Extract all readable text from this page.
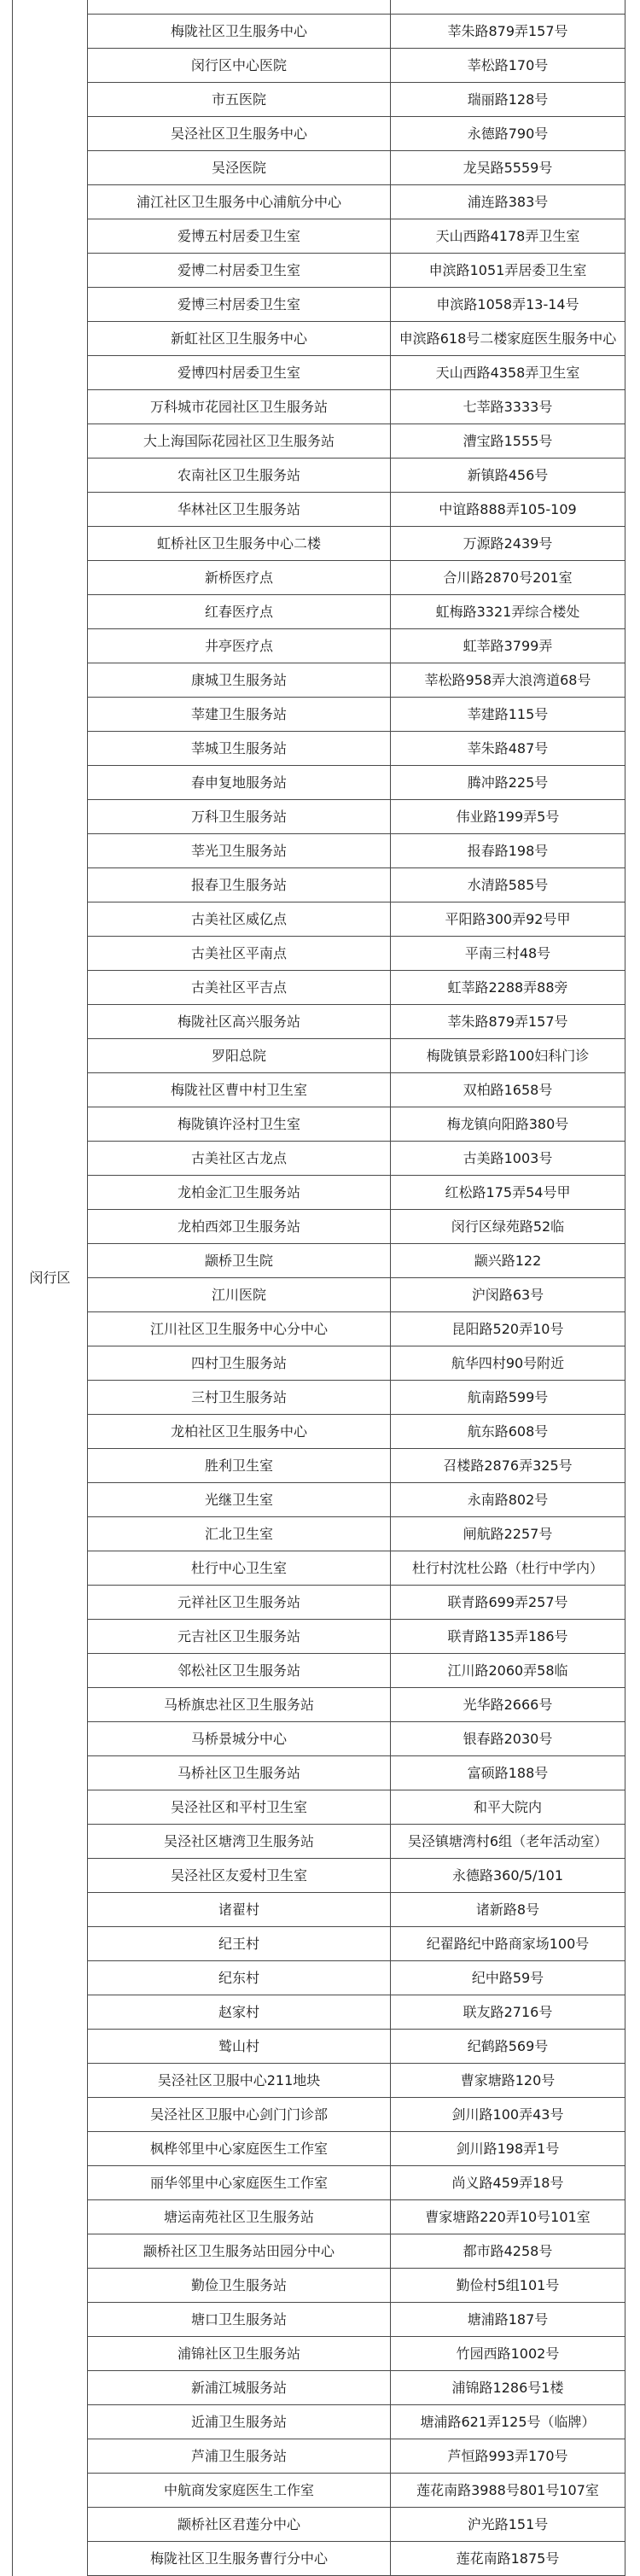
闵行区		
	梅陇社区卫生服务中心	莘朱路879弄157号
	闵行区中心医院	莘松路170号
	市五医院	瑞丽路128号
	吴泾社区卫生服务中心	永德路790号
	吴泾医院	龙吴路5559号
	浦江社区卫生服务中心浦航分中心	浦连路383号
	爱博五村居委卫生室	天山西路4178弄卫生室
	爱博二村居委卫生室	申滨路1051弄居委卫生室
	爱博三村居委卫生室	申滨路1058弄13-14号
	新虹社区卫生服务中心	申滨路618号二楼家庭医生服务中心
	爱博四村居委卫生室	天山西路4358弄卫生室
	万科城市花园社区卫生服务站	七莘路3333号
	大上海国际花园社区卫生服务站	漕宝路1555号
	农南社区卫生服务站	新镇路456号
	华林社区卫生服务站	中谊路888弄105-109
	虹桥社区卫生服务中心二楼	万源路2439号
	新桥医疗点	合川路2870号201室
	红春医疗点	虹梅路3321弄综合楼处
	井亭医疗点	虹莘路3799弄
	康城卫生服务站	莘松路958弄大浪湾道68号
	莘建卫生服务站	莘建路115号
	莘城卫生服务站	莘朱路487号
	春申复地服务站	腾冲路225号
	万科卫生服务站	伟业路199弄5号
	莘光卫生服务站	报春路198号
	报春卫生服务站	水清路585号
	古美社区威亿点	平阳路300弄92号甲
	古美社区平南点	平南三村48号
	古美社区平吉点	虹莘路2288弄88旁
	梅陇社区高兴服务站	莘朱路879弄157号
	罗阳总院	梅陇镇景彩路100妇科门诊
	梅陇社区曹中村卫生室	双柏路1658号
	梅陇镇许泾村卫生室	梅龙镇向阳路380号
	古美社区古龙点	古美路1003号
	龙柏金汇卫生服务站	红松路175弄54号甲
	龙柏西郊卫生服务站	闵行区绿苑路52临
	颛桥卫生院	颛兴路122
	江川医院	沪闵路63号
	江川社区卫生服务中心分中心	昆阳路520弄10号
	四村卫生服务站	航华四村90号附近
	三村卫生服务站	航南路599号
	龙柏社区卫生服务中心	航东路608号
	胜利卫生室	召楼路2876弄325号
	光继卫生室	永南路802号
	汇北卫生室	闸航路2257号
	杜行中心卫生室	杜行村沈杜公路（杜行中学内）
	元祥社区卫生服务站	联青路699弄257号
	元吉社区卫生服务站	联青路135弄186号
	邻松社区卫生服务站	江川路2060弄58临
	马桥旗忠社区卫生服务站	光华路2666号
	马桥景城分中心	银春路2030号
	马桥社区卫生服务站	富硕路188号
	吴泾社区和平村卫生室	和平大院内
	吴泾社区塘湾卫生服务站	吴泾镇塘湾村6组（老年活动室）
	吴泾社区友爱村卫生室	永德路360/5/101
	诸翟村	诸新路8号
	纪王村	纪翟路纪中路商家场100号
	纪东村	纪中路59号
	赵家村	联友路2716号
	鹫山村	纪鹤路569号
	吴泾社区卫服中心211地块	曹家塘路120号
	吴泾社区卫服中心剑门门诊部	剑川路100弄43号
	枫桦邻里中心家庭医生工作室	剑川路198弄1号
	丽华邻里中心家庭医生工作室	尚义路459弄18号
	塘运南苑社区卫生服务站	曹家塘路220弄10号101室
	颛桥社区卫生服务站田园分中心	都市路4258号
	勤俭卫生服务站	勤俭村5组101号
	塘口卫生服务站	塘浦路187号
	浦锦社区卫生服务站	竹园西路1002号
	新浦江城服务站	浦锦路1286号1楼
	近浦卫生服务站	塘浦路621弄125号（临牌）
	芦浦卫生服务站	芦恒路993弄170号
	中航商发家庭医生工作室	莲花南路3988号801号107室
	颛桥社区君莲分中心	沪光路151号
	梅陇社区卫生服务曹行分中心	莲花南路1875号
